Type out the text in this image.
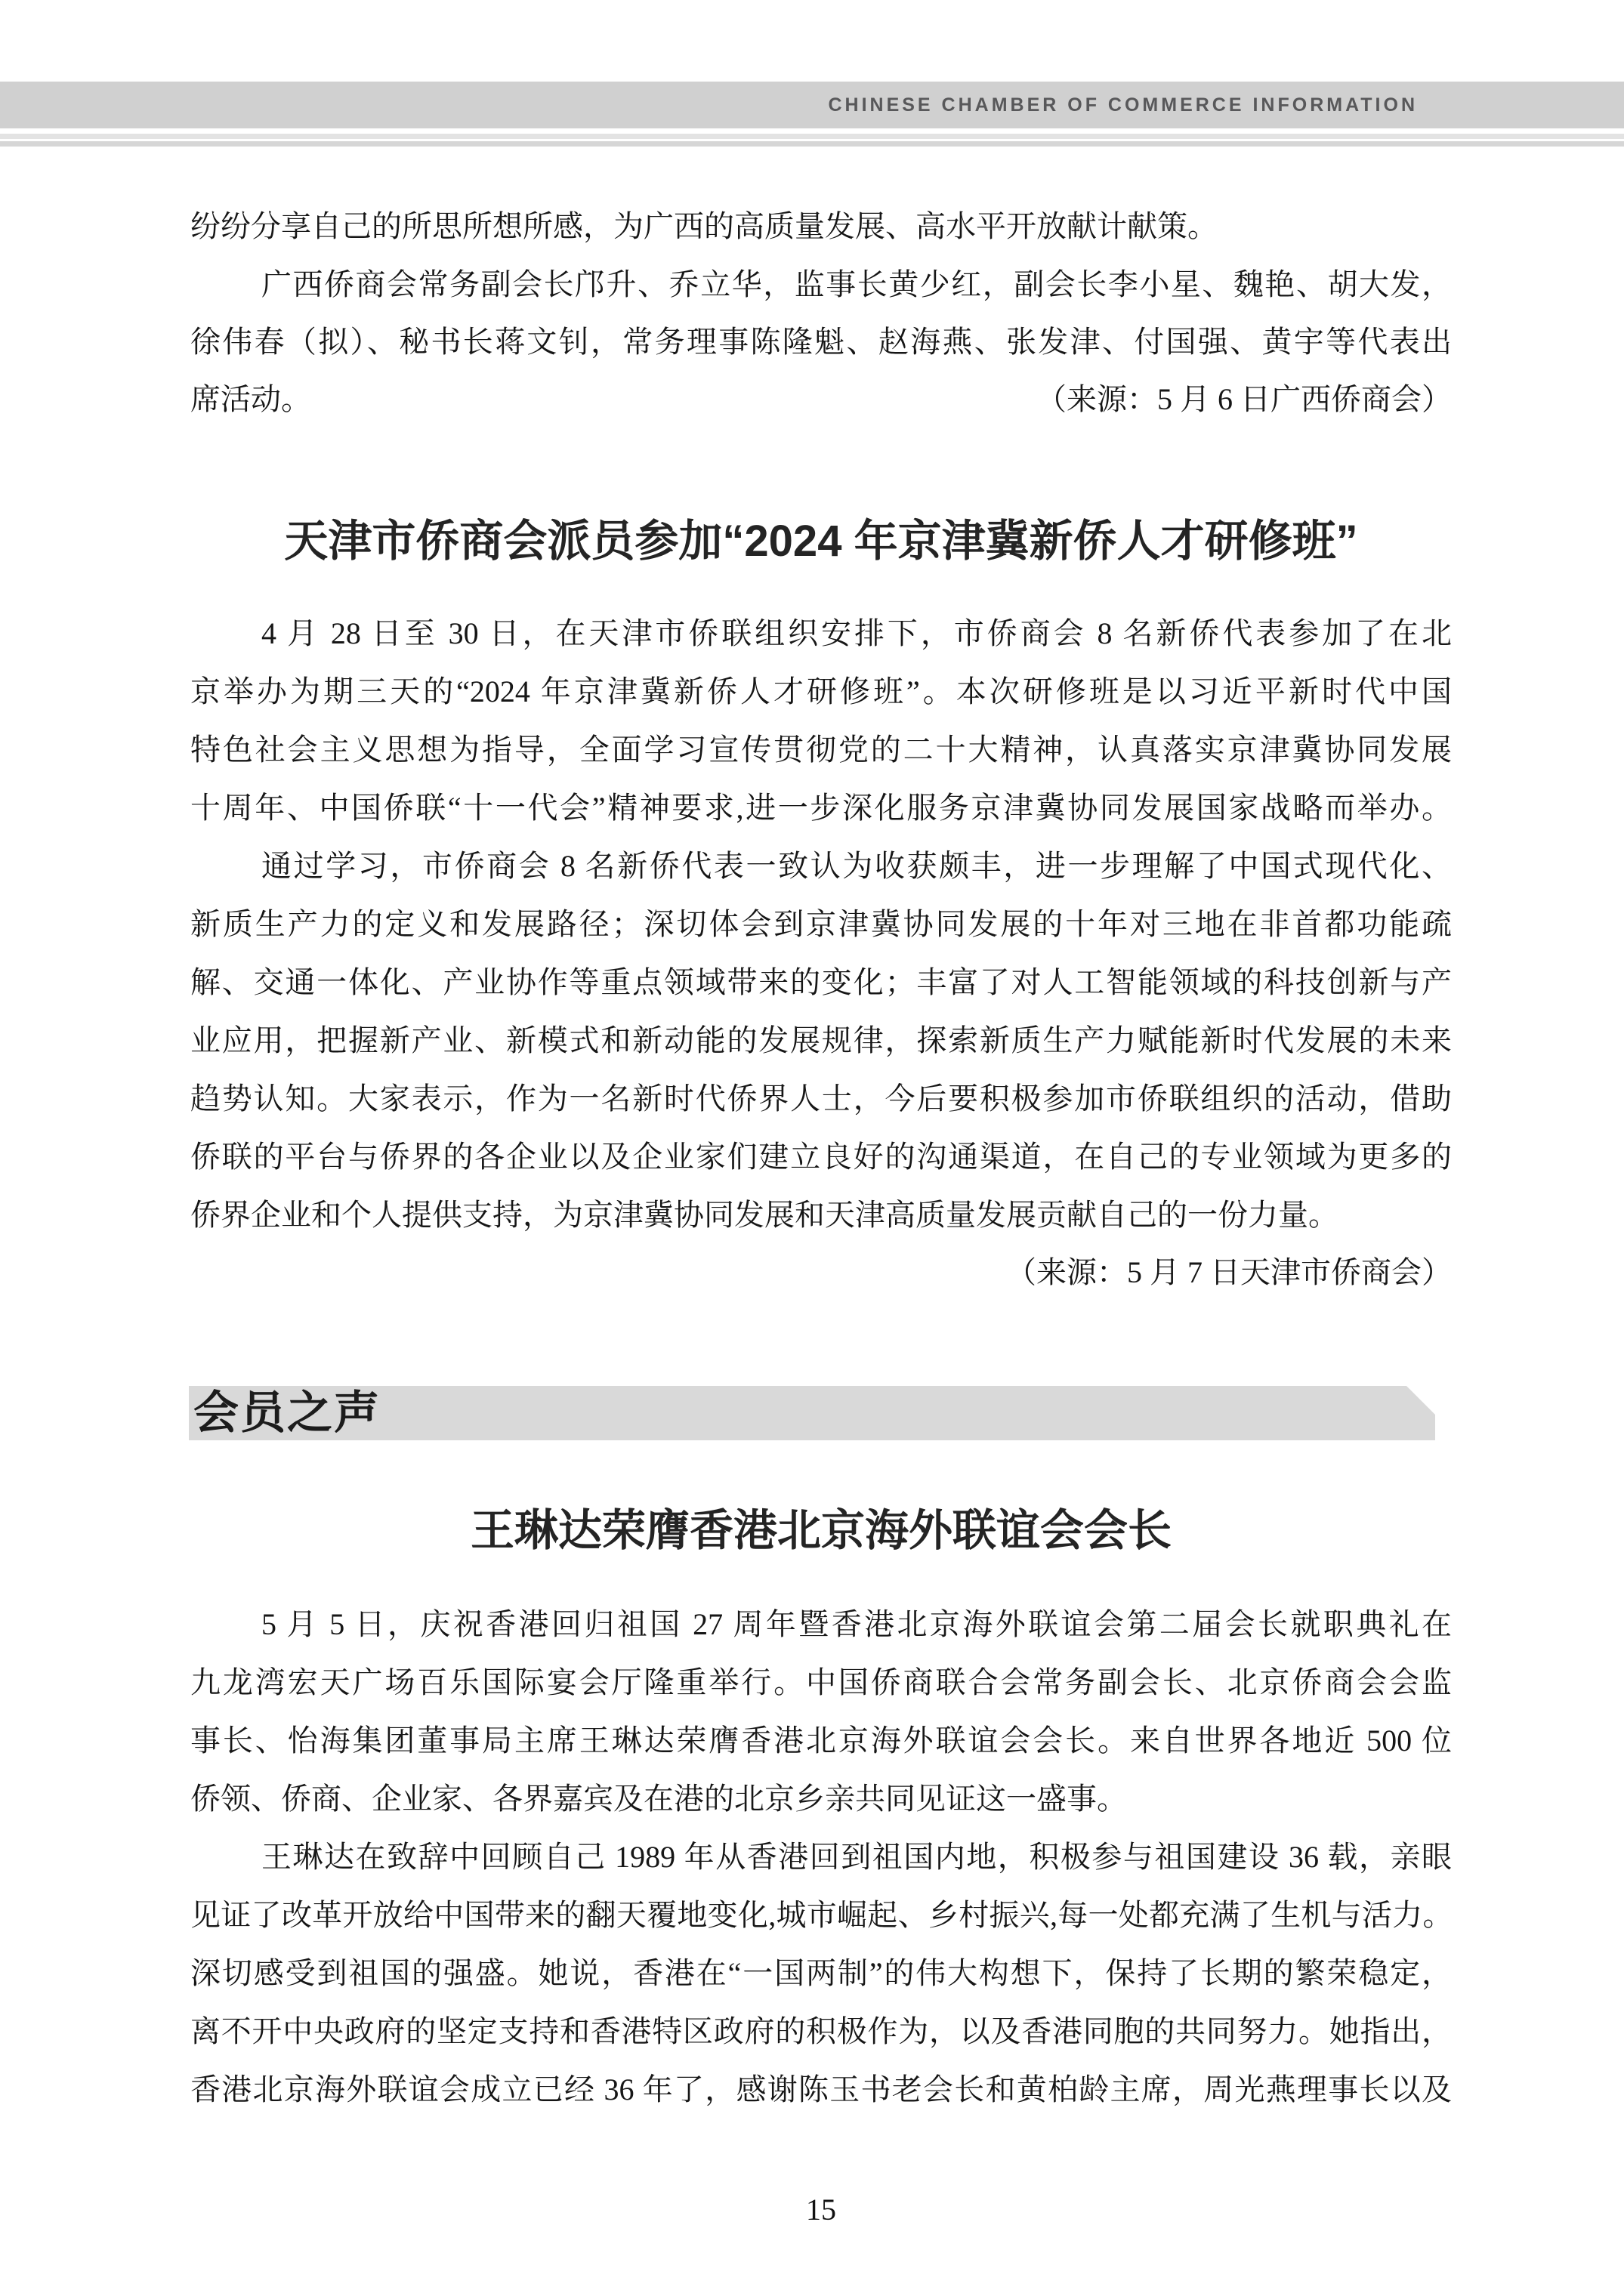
CHINESE CHAMBER OF COMMERCE INFORMATION
纷纷分享自己的所思所想所感，为广西的高质量发展、高水平开放献计献策。
广西侨商会常务副会长邝升、乔立华，监事长黄少红，副会长李小星、魏艳、胡大发，
徐伟春（拟）、秘书长蒋文钊，常务理事陈隆魁、赵海燕、张发津、付国强、黄宇等代表出
席活动。	（来源：5 月 6 日广西侨商会）
天津市侨商会派员参加“2024 年京津冀新侨人才研修班”
4 月 28 日至 30 日，在天津市侨联组织安排下，市侨商会 8 名新侨代表参加了在北
京举办为期三天的“2024 年京津冀新侨人才研修班”。本次研修班是以习近平新时代中国
特色社会主义思想为指导，全面学习宣传贯彻党的二十大精神，认真落实京津冀协同发展
十周年、中国侨联“十一代会”精神要求,进一步深化服务京津冀协同发展国家战略而举办。
通过学习，市侨商会 8 名新侨代表一致认为收获颇丰，进一步理解了中国式现代化、
新质生产力的定义和发展路径；深切体会到京津冀协同发展的十年对三地在非首都功能疏
解、交通一体化、产业协作等重点领域带来的变化；丰富了对人工智能领域的科技创新与产
业应用，把握新产业、新模式和新动能的发展规律，探索新质生产力赋能新时代发展的未来
趋势认知。大家表示，作为一名新时代侨界人士，今后要积极参加市侨联组织的活动，借助
侨联的平台与侨界的各企业以及企业家们建立良好的沟通渠道，在自己的专业领域为更多的
侨界企业和个人提供支持，为京津冀协同发展和天津高质量发展贡献自己的一份力量。
（来源：5 月 7 日天津市侨商会）
会员之声
王琳达荣膺香港北京海外联谊会会长
5 月 5 日，庆祝香港回归祖国 27 周年暨香港北京海外联谊会第二届会长就职典礼在
九龙湾宏天广场百乐国际宴会厅隆重举行。中国侨商联合会常务副会长、北京侨商会会监
事长、怡海集团董事局主席王琳达荣膺香港北京海外联谊会会长。来自世界各地近 500 位
侨领、侨商、企业家、各界嘉宾及在港的北京乡亲共同见证这一盛事。
王琳达在致辞中回顾自己 1989 年从香港回到祖国内地，积极参与祖国建设 36 载，亲眼
见证了改革开放给中国带来的翻天覆地变化,城市崛起、乡村振兴,每一处都充满了生机与活力。
深切感受到祖国的强盛。她说，香港在“一国两制”的伟大构想下，保持了长期的繁荣稳定，
离不开中央政府的坚定支持和香港特区政府的积极作为，以及香港同胞的共同努力。她指出，
香港北京海外联谊会成立已经 36 年了，感谢陈玉书老会长和黄柏龄主席，周光燕理事长以及
15
